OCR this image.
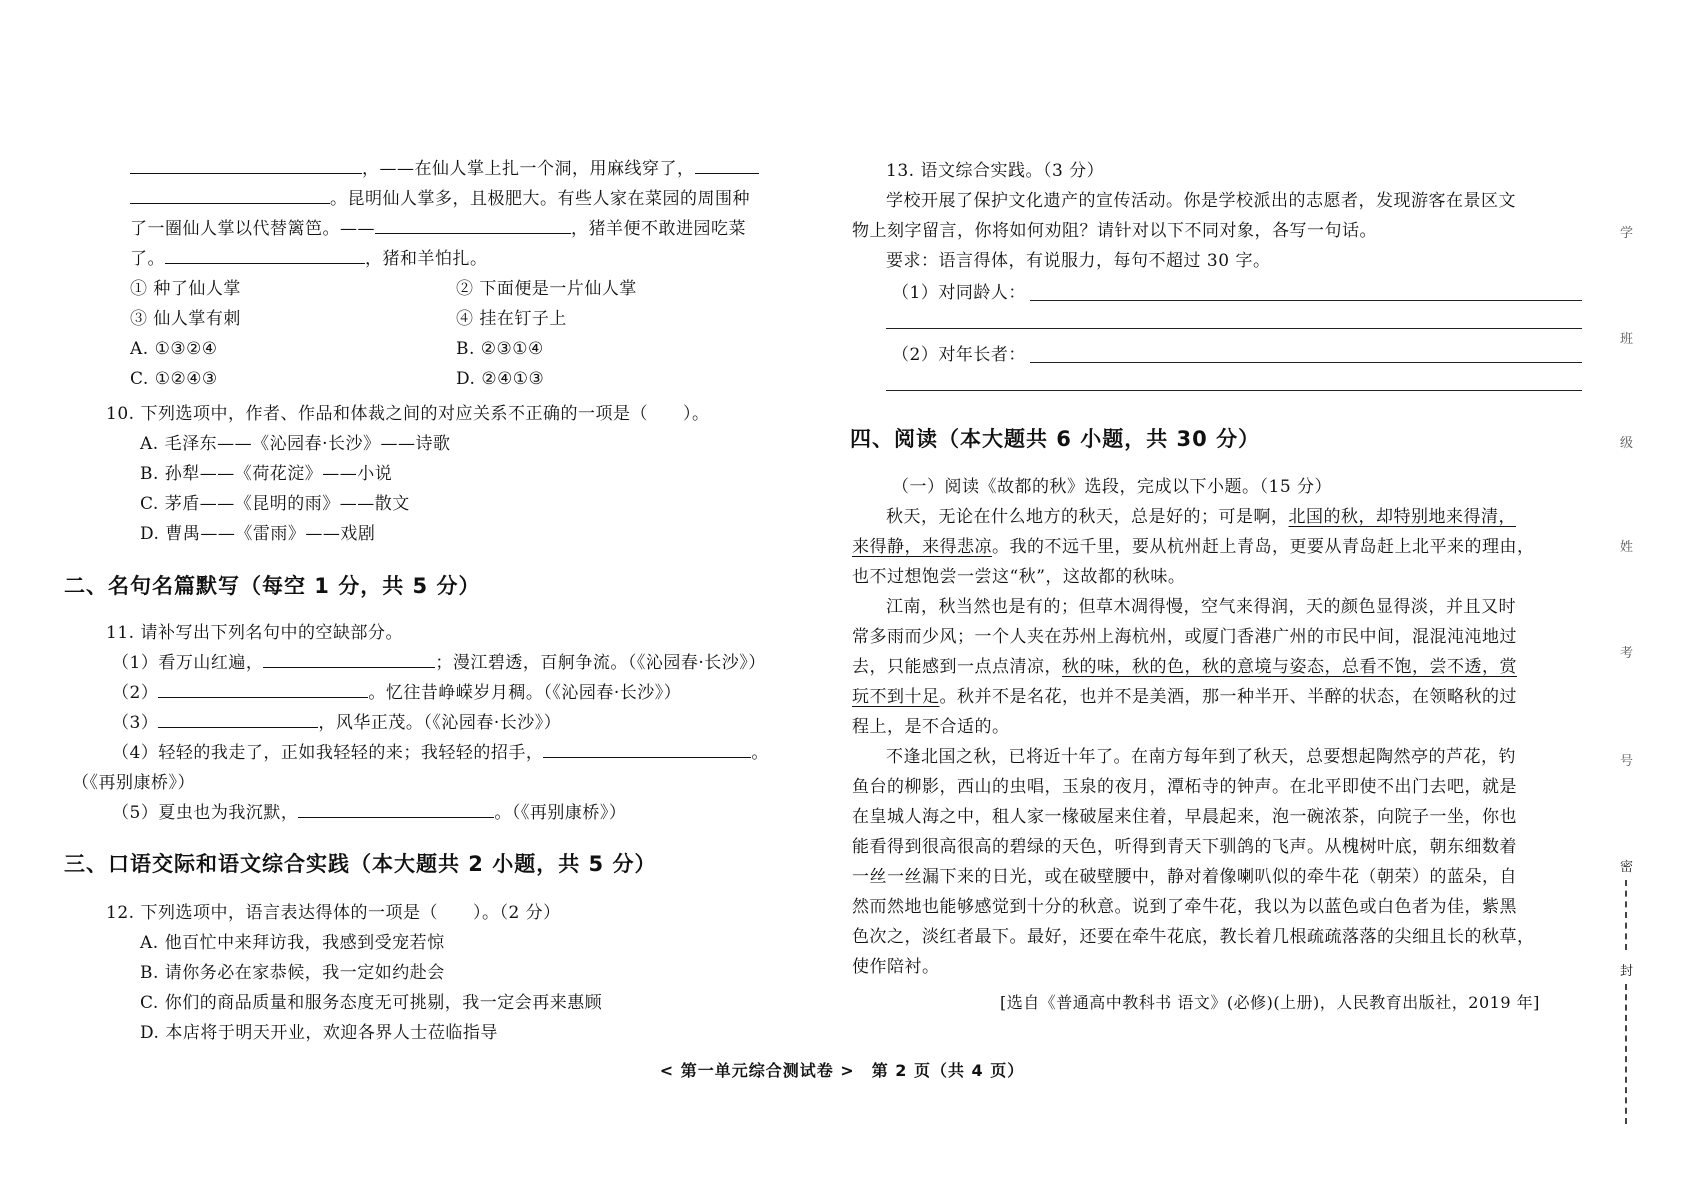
，——在仙人掌上扎一个洞，用麻线穿了，
。昆明仙人掌多，且极肥大。有些人家在菜园的周围种
了一圈仙人掌以代替篱笆。——	，猪羊便不敢进园吃菜
了。	，猪和羊怕扎。
① 种了仙人掌	② 下面便是一片仙人掌
③ 仙人掌有刺	④ 挂在钉子上
A. ①③②④	B. ②③①④
C. ①②④③	D. ②④①③
10. 下列选项中，作者、作品和体裁之间的对应关系不正确的一项是（　　）。
A. 毛泽东——《沁园春·长沙》——诗歌
B. 孙犁——《荷花淀》——小说
C. 茅盾——《昆明的雨》——散文
D. 曹禺——《雷雨》——戏剧
二、名句名篇默写（每空 1 分，共 5 分）
11. 请补写出下列名句中的空缺部分。
（1）看万山红遍，	；漫江碧透，百舸争流。（《沁园春·长沙》）
（2）	。忆往昔峥嵘岁月稠。（《沁园春·长沙》）
（3）	，风华正茂。（《沁园春·长沙》）
（4）轻轻的我走了，正如我轻轻的来；我轻轻的招手，	。
（《再别康桥》）
（5）夏虫也为我沉默，	。（《再别康桥》）
三、口语交际和语文综合实践（本大题共 2 小题，共 5 分）
12. 下列选项中，语言表达得体的一项是（　　）。（2 分）
A. 他百忙中来拜访我，我感到受宠若惊
B. 请你务必在家恭候，我一定如约赴会
C. 你们的商品质量和服务态度无可挑剔，我一定会再来惠顾
D. 本店将于明天开业，欢迎各界人士莅临指导
13. 语文综合实践。（3 分）
学校开展了保护文化遗产的宣传活动。你是学校派出的志愿者，发现游客在景区文
物上刻字留言，你将如何劝阻？请针对以下不同对象，各写一句话。
要求：语言得体，有说服力，每句不超过 30 字。
（1）对同龄人：
（2）对年长者：
四、阅读（本大题共 6 小题，共 30 分）
（一）阅读《故都的秋》选段，完成以下小题。（15 分）
秋天，无论在什么地方的秋天，总是好的；可是啊，北国的秋，却特别地来得清，
来得静，来得悲凉。我的不远千里，要从杭州赶上青岛，更要从青岛赶上北平来的理由，
也不过想饱尝一尝这“秋”，这故都的秋味。
江南，秋当然也是有的；但草木凋得慢，空气来得润，天的颜色显得淡，并且又时
常多雨而少风；一个人夹在苏州上海杭州，或厦门香港广州的市民中间，混混沌沌地过
去，只能感到一点点清凉，秋的味，秋的色，秋的意境与姿态，总看不饱，尝不透，赏
玩不到十足。秋并不是名花，也并不是美酒，那一种半开、半醉的状态，在领略秋的过
程上，是不合适的。
不逢北国之秋，已将近十年了。在南方每年到了秋天，总要想起陶然亭的芦花，钓
鱼台的柳影，西山的虫唱，玉泉的夜月，潭柘寺的钟声。在北平即使不出门去吧，就是
在皇城人海之中，租人家一椽破屋来住着，早晨起来，泡一碗浓茶，向院子一坐，你也
能看得到很高很高的碧绿的天色，听得到青天下驯鸽的飞声。从槐树叶底，朝东细数着
一丝一丝漏下来的日光，或在破壁腰中，静对着像喇叭似的牵牛花（朝荣）的蓝朵，自
然而然地也能够感觉到十分的秋意。说到了牵牛花，我以为以蓝色或白色者为佳，紫黑
色次之，淡红者最下。最好，还要在牵牛花底，教长着几根疏疏落落的尖细且长的秋草，
使作陪衬。
[选自《普通高中教科书 语文》(必修)(上册)，人民教育出版社，2019 年]
< 第一单元综合测试卷 >　第 2 页（共 4 页）
学
班
级
姓
考
号
密
封
